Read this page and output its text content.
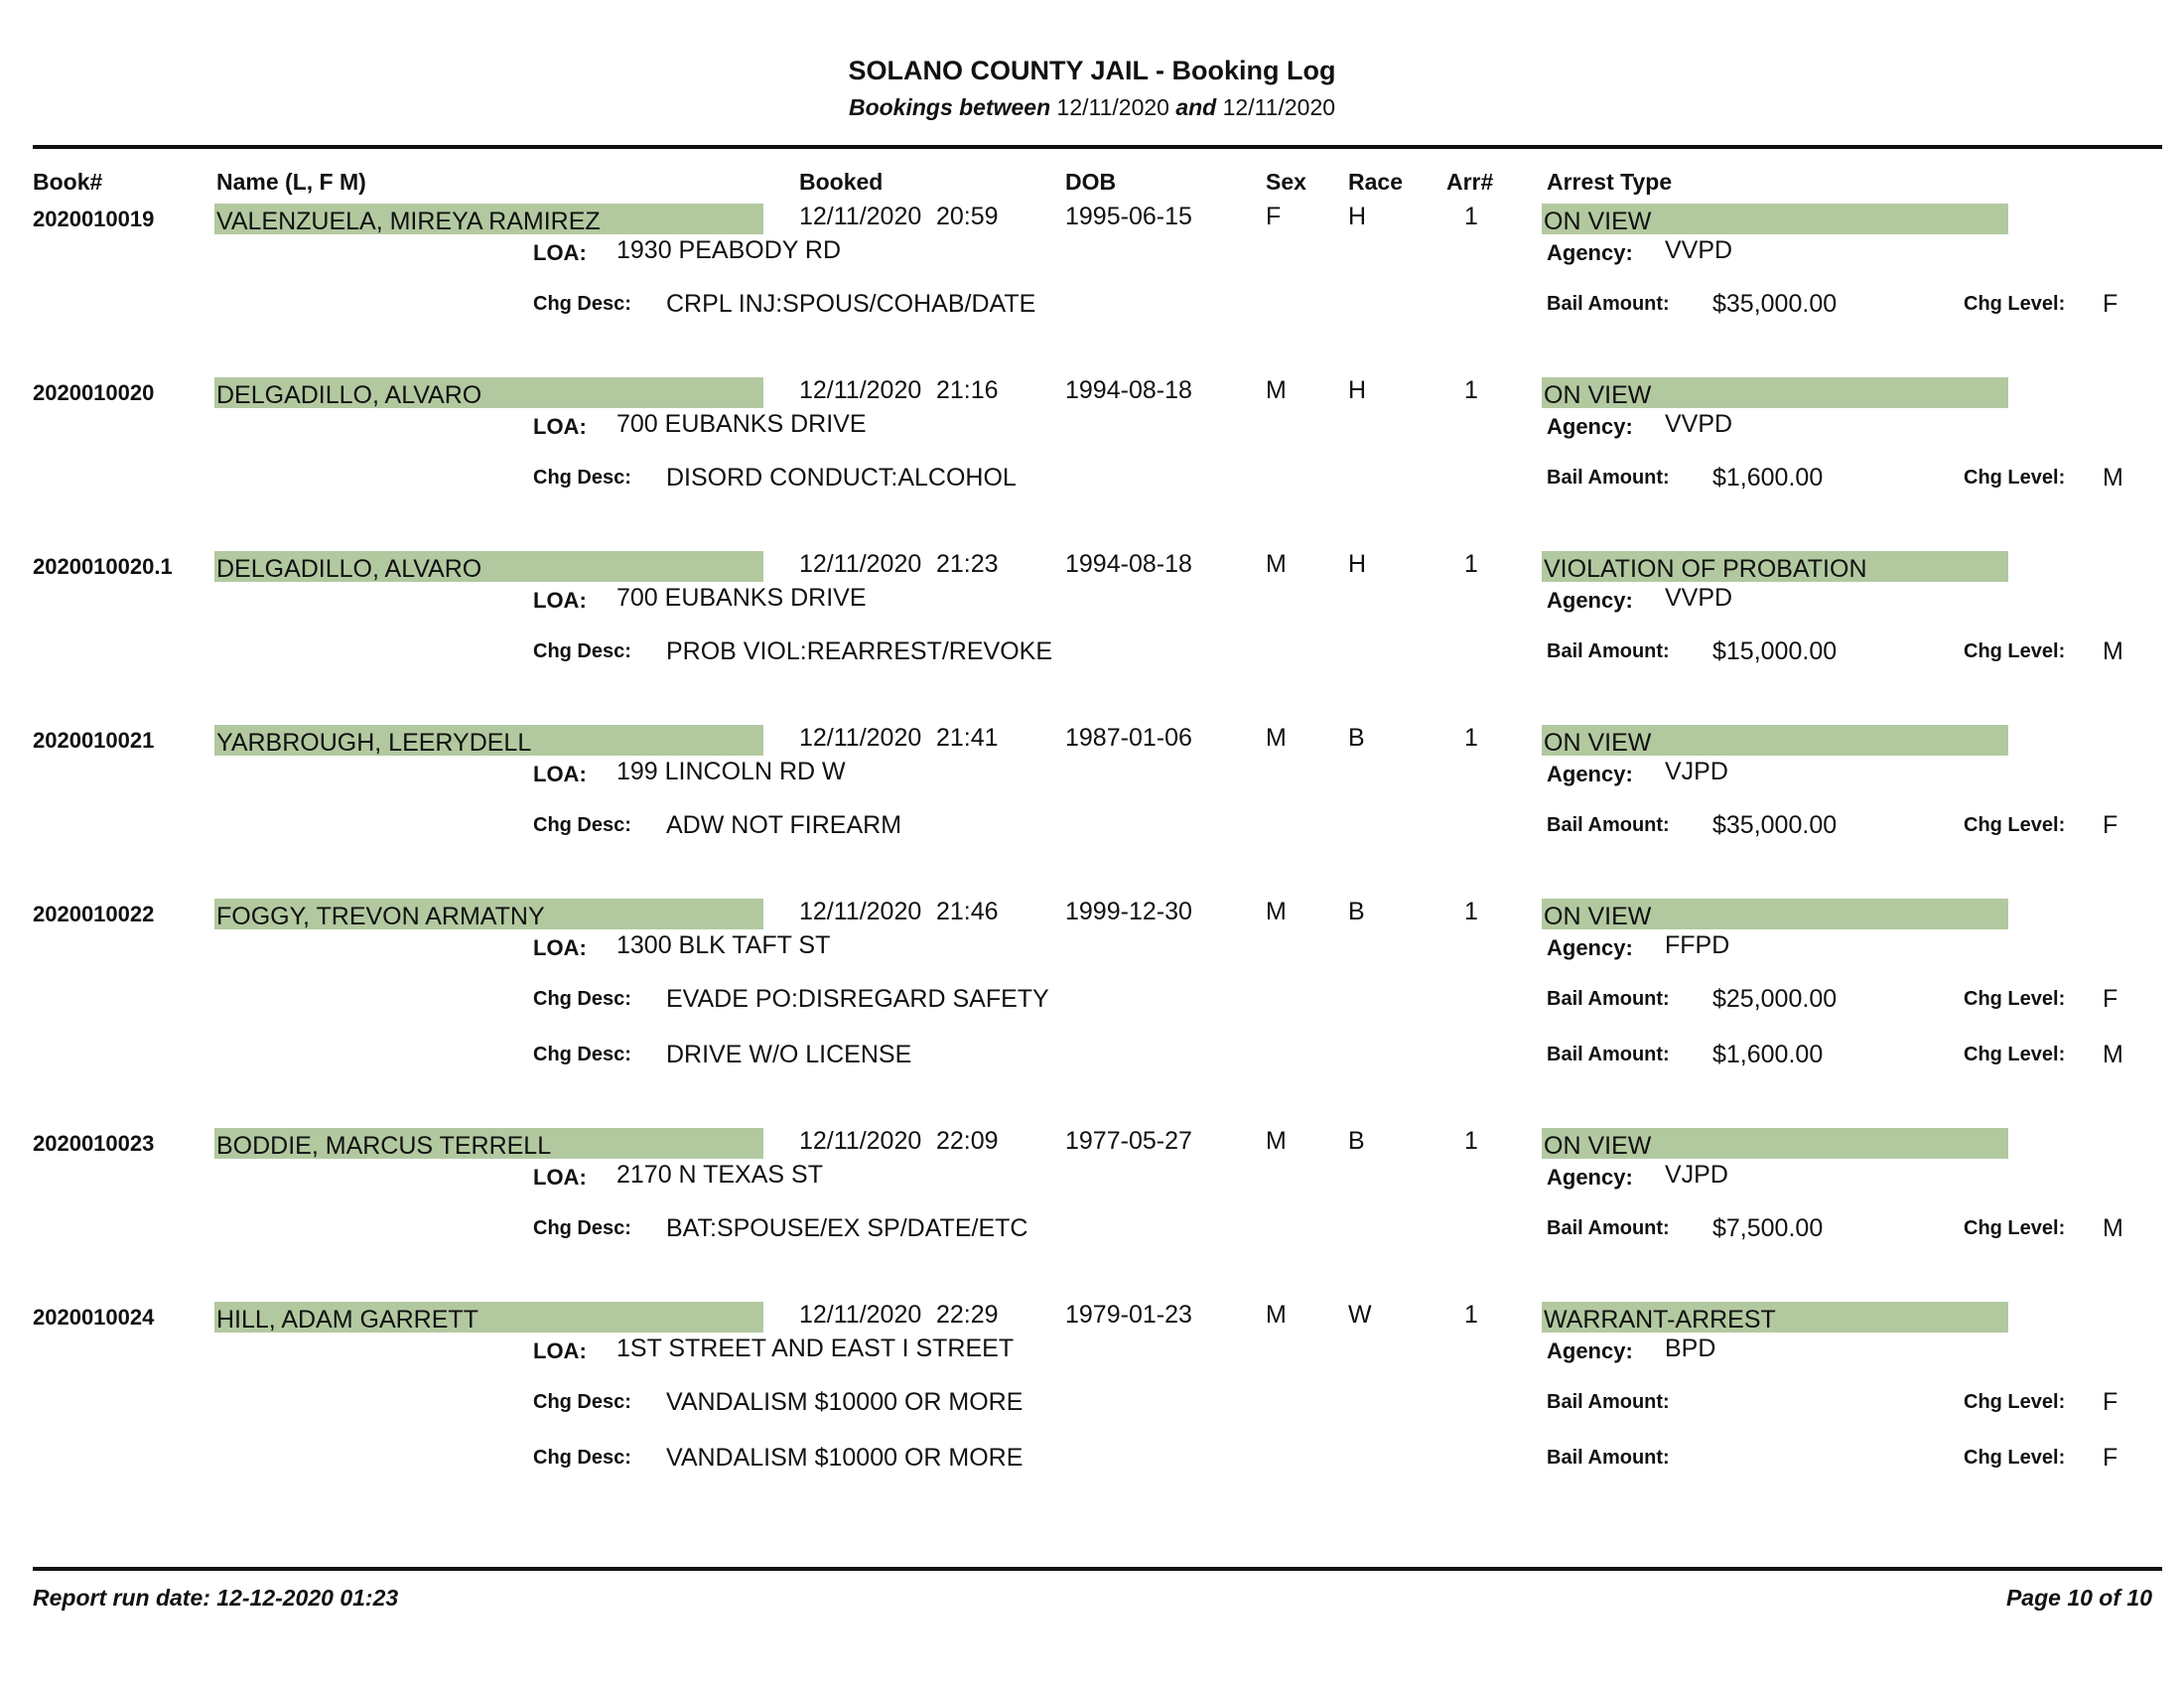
SOLANO COUNTY JAIL - Booking Log
Bookings between 12/11/2020 and 12/11/2020
Book#	Name (L, F M)	Booked	DOB	Sex Race Arr# Arrest Type
2020010019	VALENZUELA, MIREYA RAMIREZ	12/11/2020 20:59	1995-06-15	F	H	1	ON VIEW
LOA: 1930 PEABODY RD	Agency: VVPD
Chg Desc: CRPL INJ:SPOUS/COHAB/DATE	Bail Amount: $35,000.00	Chg Level: F
2020010020	DELGADILLO, ALVARO	12/11/2020 21:16	1994-08-18	M H	1	ON VIEW
LOA: 700 EUBANKS DRIVE	Agency: VVPD
Chg Desc: DISORD CONDUCT:ALCOHOL	Bail Amount: $1,600.00	Chg Level: M
2020010020.1 DELGADILLO, ALVARO	12/11/2020 21:23	1994-08-18	M H	1	VIOLATION OF PROBATION
LOA: 700 EUBANKS DRIVE	Agency: VVPD
Chg Desc: PROB VIOL:REARREST/REVOKE	Bail Amount: $15,000.00	Chg Level: M
2020010021	YARBROUGH, LEERYDELL	12/11/2020 21:41	1987-01-06	M B	1	ON VIEW
LOA: 199 LINCOLN RD W	Agency: VJPD
Chg Desc: ADW NOT FIREARM	Bail Amount: $35,000.00	Chg Level: F
2020010022	FOGGY, TREVON ARMATNY	12/11/2020 21:46	1999-12-30	M B	1	ON VIEW
LOA: 1300 BLK TAFT ST	Agency: FFPD
Chg Desc: EVADE PO:DISREGARD SAFETY	Bail Amount: $25,000.00	Chg Level: F
Chg Desc: DRIVE W/O LICENSE	Bail Amount: $1,600.00	Chg Level: M
2020010023	BODDIE, MARCUS TERRELL	12/11/2020 22:09	1977-05-27	M B	1	ON VIEW
LOA: 2170 N TEXAS ST	Agency: VJPD
Chg Desc: BAT:SPOUSE/EX SP/DATE/ETC	Bail Amount: $7,500.00	Chg Level: M
2020010024	HILL, ADAM GARRETT	12/11/2020 22:29	1979-01-23	M W	1	WARRANT-ARREST
LOA: 1ST STREET AND EAST I STREET	Agency: BPD
Chg Desc: VANDALISM $10000 OR MORE	Bail Amount:	Chg Level: F
Chg Desc: VANDALISM $10000 OR MORE	Bail Amount:	Chg Level: F
Report run date: 12-12-2020 01:23	Page 10 of 10
